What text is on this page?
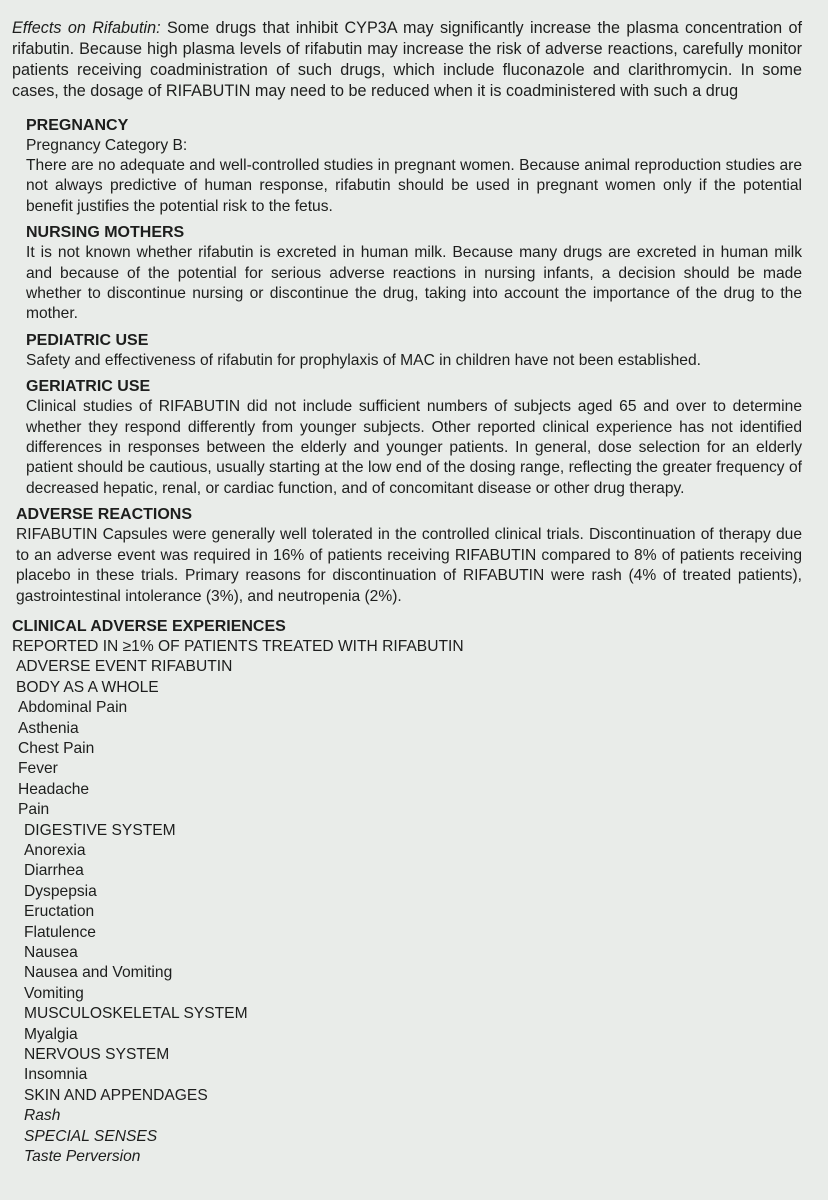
Effects on Rifabutin: Some drugs that inhibit CYP3A may significantly increase the plasma concentration of rifabutin. Because high plasma levels of rifabutin may increase the risk of adverse reactions, carefully monitor patients receiving coadministration of such drugs, which include fluconazole and clarithromycin. In some cases, the dosage of RIFABUTIN may need to be reduced when it is coadministered with such a drug

PREGNANCY

Pregnancy Category B:

There are no adequate and well-controlled studies in pregnant women. Because animal reproduction studies are not always predictive of human response, rifabutin should be used in pregnant women only if the potential benefit justifies the potential risk to the fetus.

NURSING MOTHERS

It is not known whether rifabutin is excreted in human milk. Because many drugs are excreted in human milk and because of the potential for serious adverse reactions in nursing infants, a decision should be made whether to discontinue nursing or discontinue the drug, taking into account the importance of the drug to the mother.

PEDIATRIC USE

Safety and effectiveness of rifabutin for prophylaxis of MAC in children have not been established.

GERIATRIC USE

Clinical studies of RIFABUTIN did not include sufficient numbers of subjects aged 65 and over to determine whether they respond differently from younger subjects. Other reported clinical experience has not identified differences in responses between the elderly and younger patients. In general, dose selection for an elderly patient should be cautious, usually starting at the low end of the dosing range, reflecting the greater frequency of decreased hepatic, renal, or cardiac function, and of concomitant disease or other drug therapy.

ADVERSE REACTIONS

RIFABUTIN Capsules were generally well tolerated in the controlled clinical trials. Discontinuation of therapy due to an adverse event was required in 16% of patients receiving RIFABUTIN compared to 8% of patients receiving placebo in these trials. Primary reasons for discontinuation of RIFABUTIN were rash (4% of treated patients), gastrointestinal intolerance (3%), and neutropenia (2%).

CLINICAL ADVERSE EXPERIENCES

REPORTED IN ≥1% OF PATIENTS TREATED WITH RIFABUTIN

ADVERSE EVENT RIFABUTIN

BODY AS A WHOLE

Abdominal Pain

Asthenia

Chest Pain

Fever

Headache

Pain

DIGESTIVE SYSTEM

Anorexia

Diarrhea

Dyspepsia

Eructation

Flatulence

Nausea

Nausea and Vomiting

Vomiting

MUSCULOSKELETAL SYSTEM

Myalgia

NERVOUS SYSTEM

Insomnia

SKIN AND APPENDAGES

Rash

SPECIAL SENSES

Taste Perversion
